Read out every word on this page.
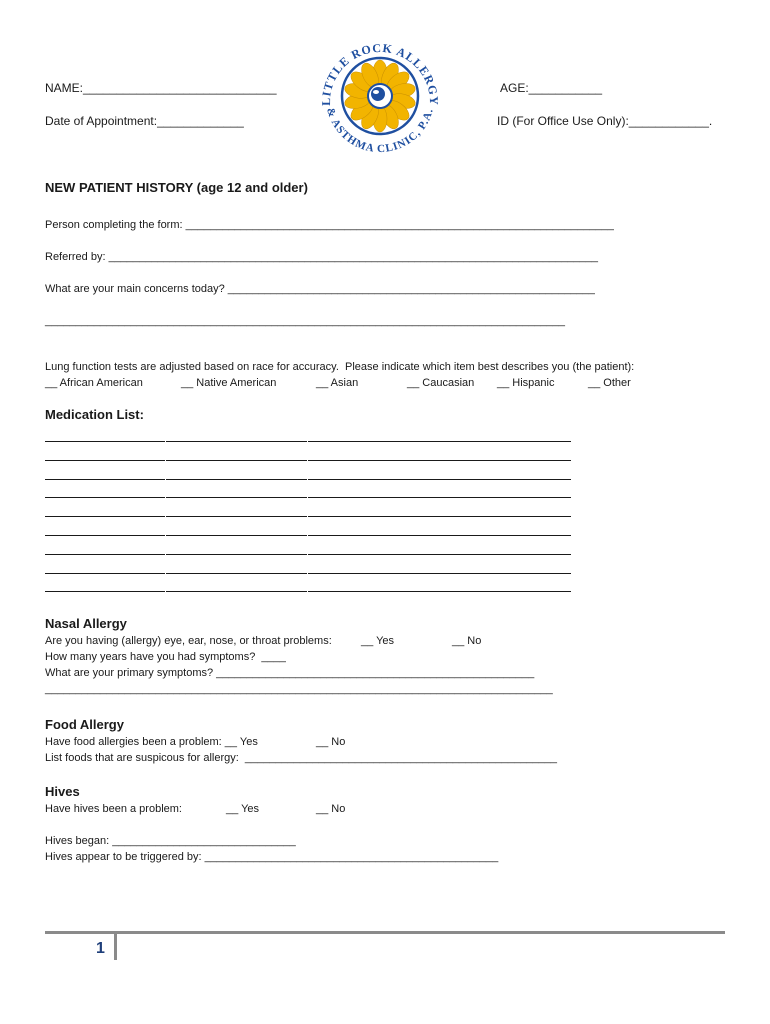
NAME:_____________________________	AGE:___________
Date of Appointment:_____________	ID (For Office Use Only):____________.
LITTLE ROCK ALLERGY
& ASTHMA CLINIC, P.A.
NEW PATIENT HISTORY (age 12 and older)
Person completing the form: ______________________________________________________________________
Referred by: ________________________________________________________________________________
What are your main concerns today? ____________________________________________________________
_____________________________________________________________________________________
Lung function tests are adjusted based on race for accuracy.  Please indicate which item best describes you (the patient):
__ African American	__ Native American	__ Asian	__ Caucasian __ Hispanic	__ Other
Medication List:
Nasal Allergy
Are you having (allergy) eye, ear, nose, or throat problems:	__ Yes	__ No
How many years have you had symptoms?  ____
What are your primary symptoms? ____________________________________________________
___________________________________________________________________________________
Food Allergy
Have food allergies been a problem: __ Yes	__ No
List foods that are suspicous for allergy:  ___________________________________________________
Hives
Have hives been a problem:	__ Yes	__ No
Hives began: ______________________________
Hives appear to be triggered by: ________________________________________________
1
